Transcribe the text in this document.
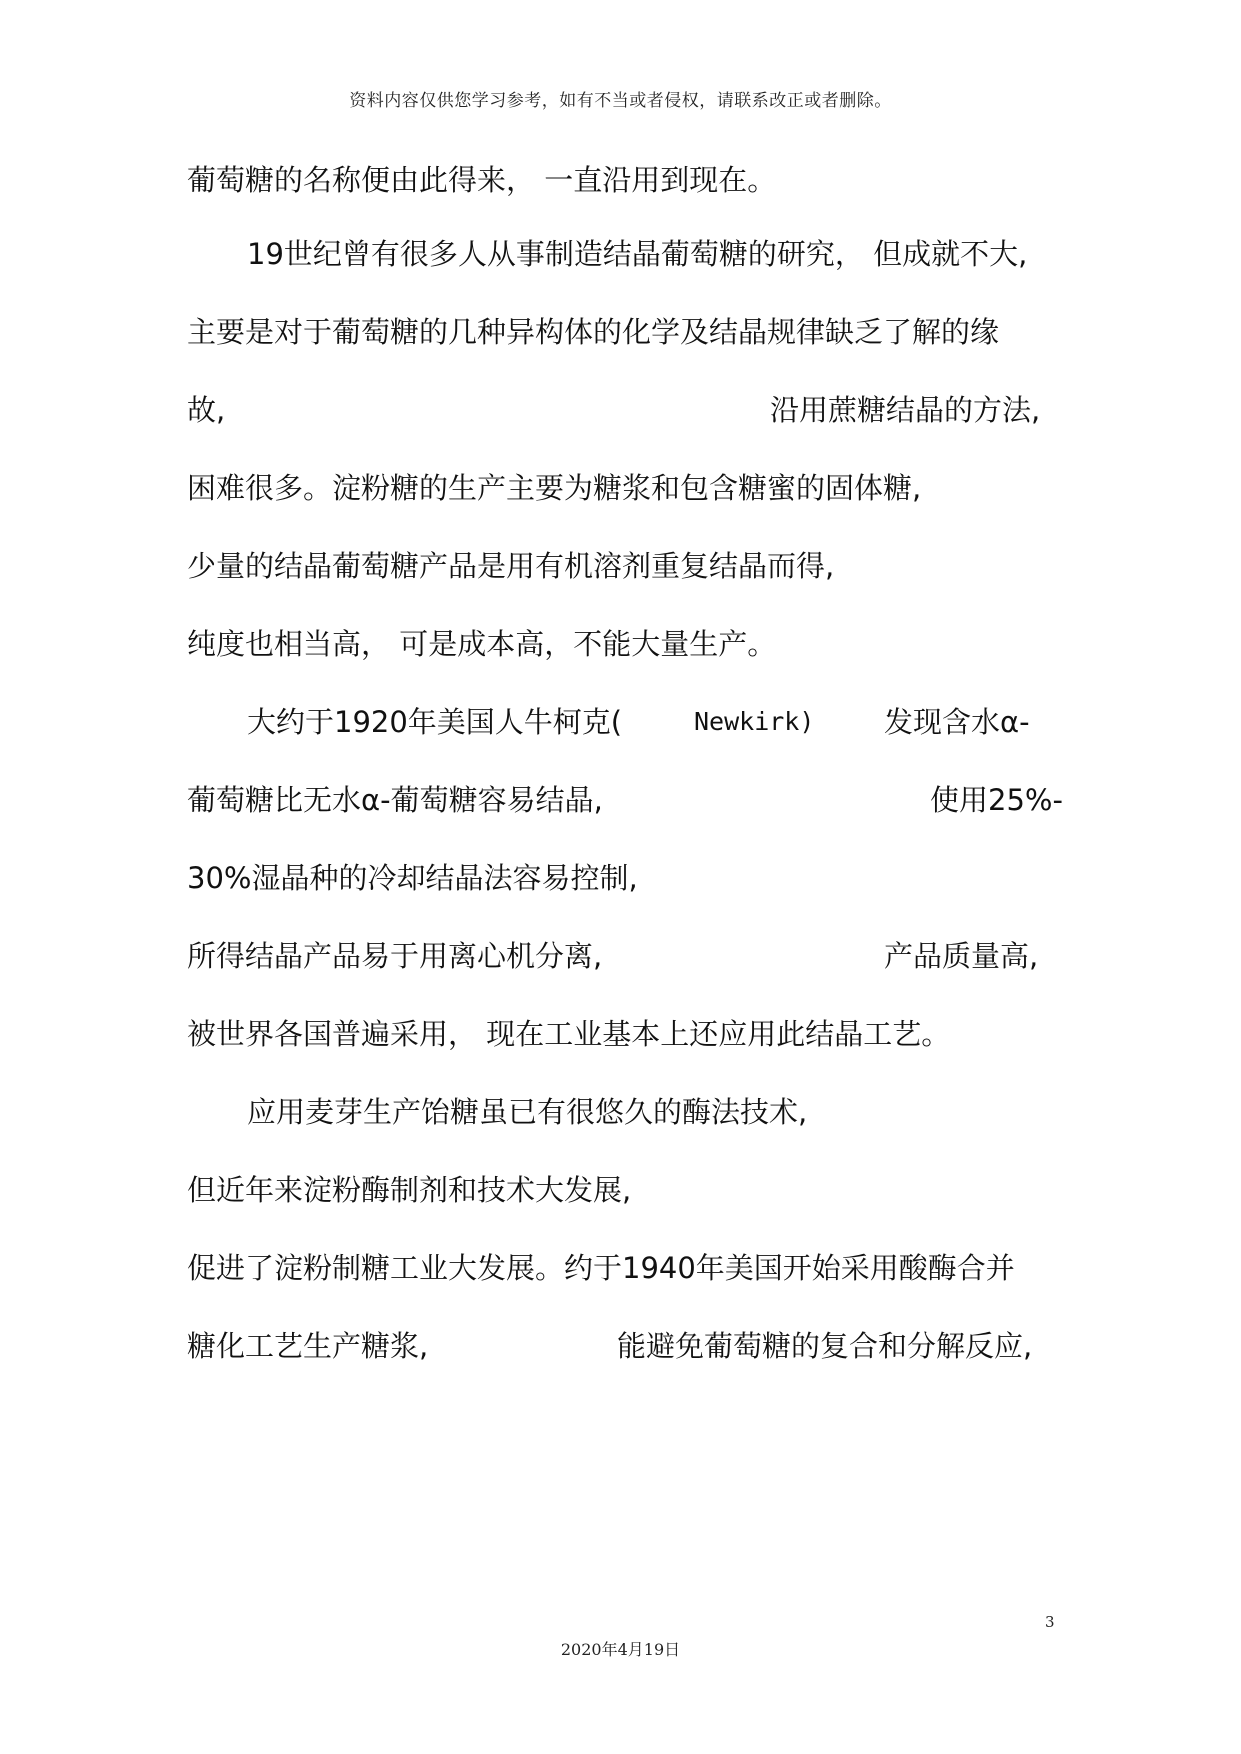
资料内容仅供您学习参考，如有不当或者侵权，请联系改正或者删除。
葡萄糖的名称便由此得来， 一直沿用到现在。
19世纪曾有很多人从事制造结晶葡萄糖的研究， 但成就不大,
主要是对于葡萄糖的几种异构体的化学及结晶规律缺乏了解的缘
故,	沿用蔗糖结晶的方法,
困难很多。淀粉糖的生产主要为糖浆和包含糖蜜的固体糖,
少量的结晶葡萄糖产品是用有机溶剂重复结晶而得,
纯度也相当高， 可是成本高，不能大量生产。
大约于1920年美国人牛柯克(	Newkirk) 发现含水α-
葡萄糖比无水α-葡萄糖容易结晶,	使用25%-
30%湿晶种的冷却结晶法容易控制,
所得结晶产品易于用离心机分离,	产品质量高,
被世界各国普遍采用， 现在工业基本上还应用此结晶工艺。
应用麦芽生产饴糖虽已有很悠久的酶法技术,
但近年来淀粉酶制剂和技术大发展,
促进了淀粉制糖工业大发展。约于1940年美国开始采用酸酶合并
糖化工艺生产糖浆,	能避免葡萄糖的复合和分解反应,
3
2020年4月19日
